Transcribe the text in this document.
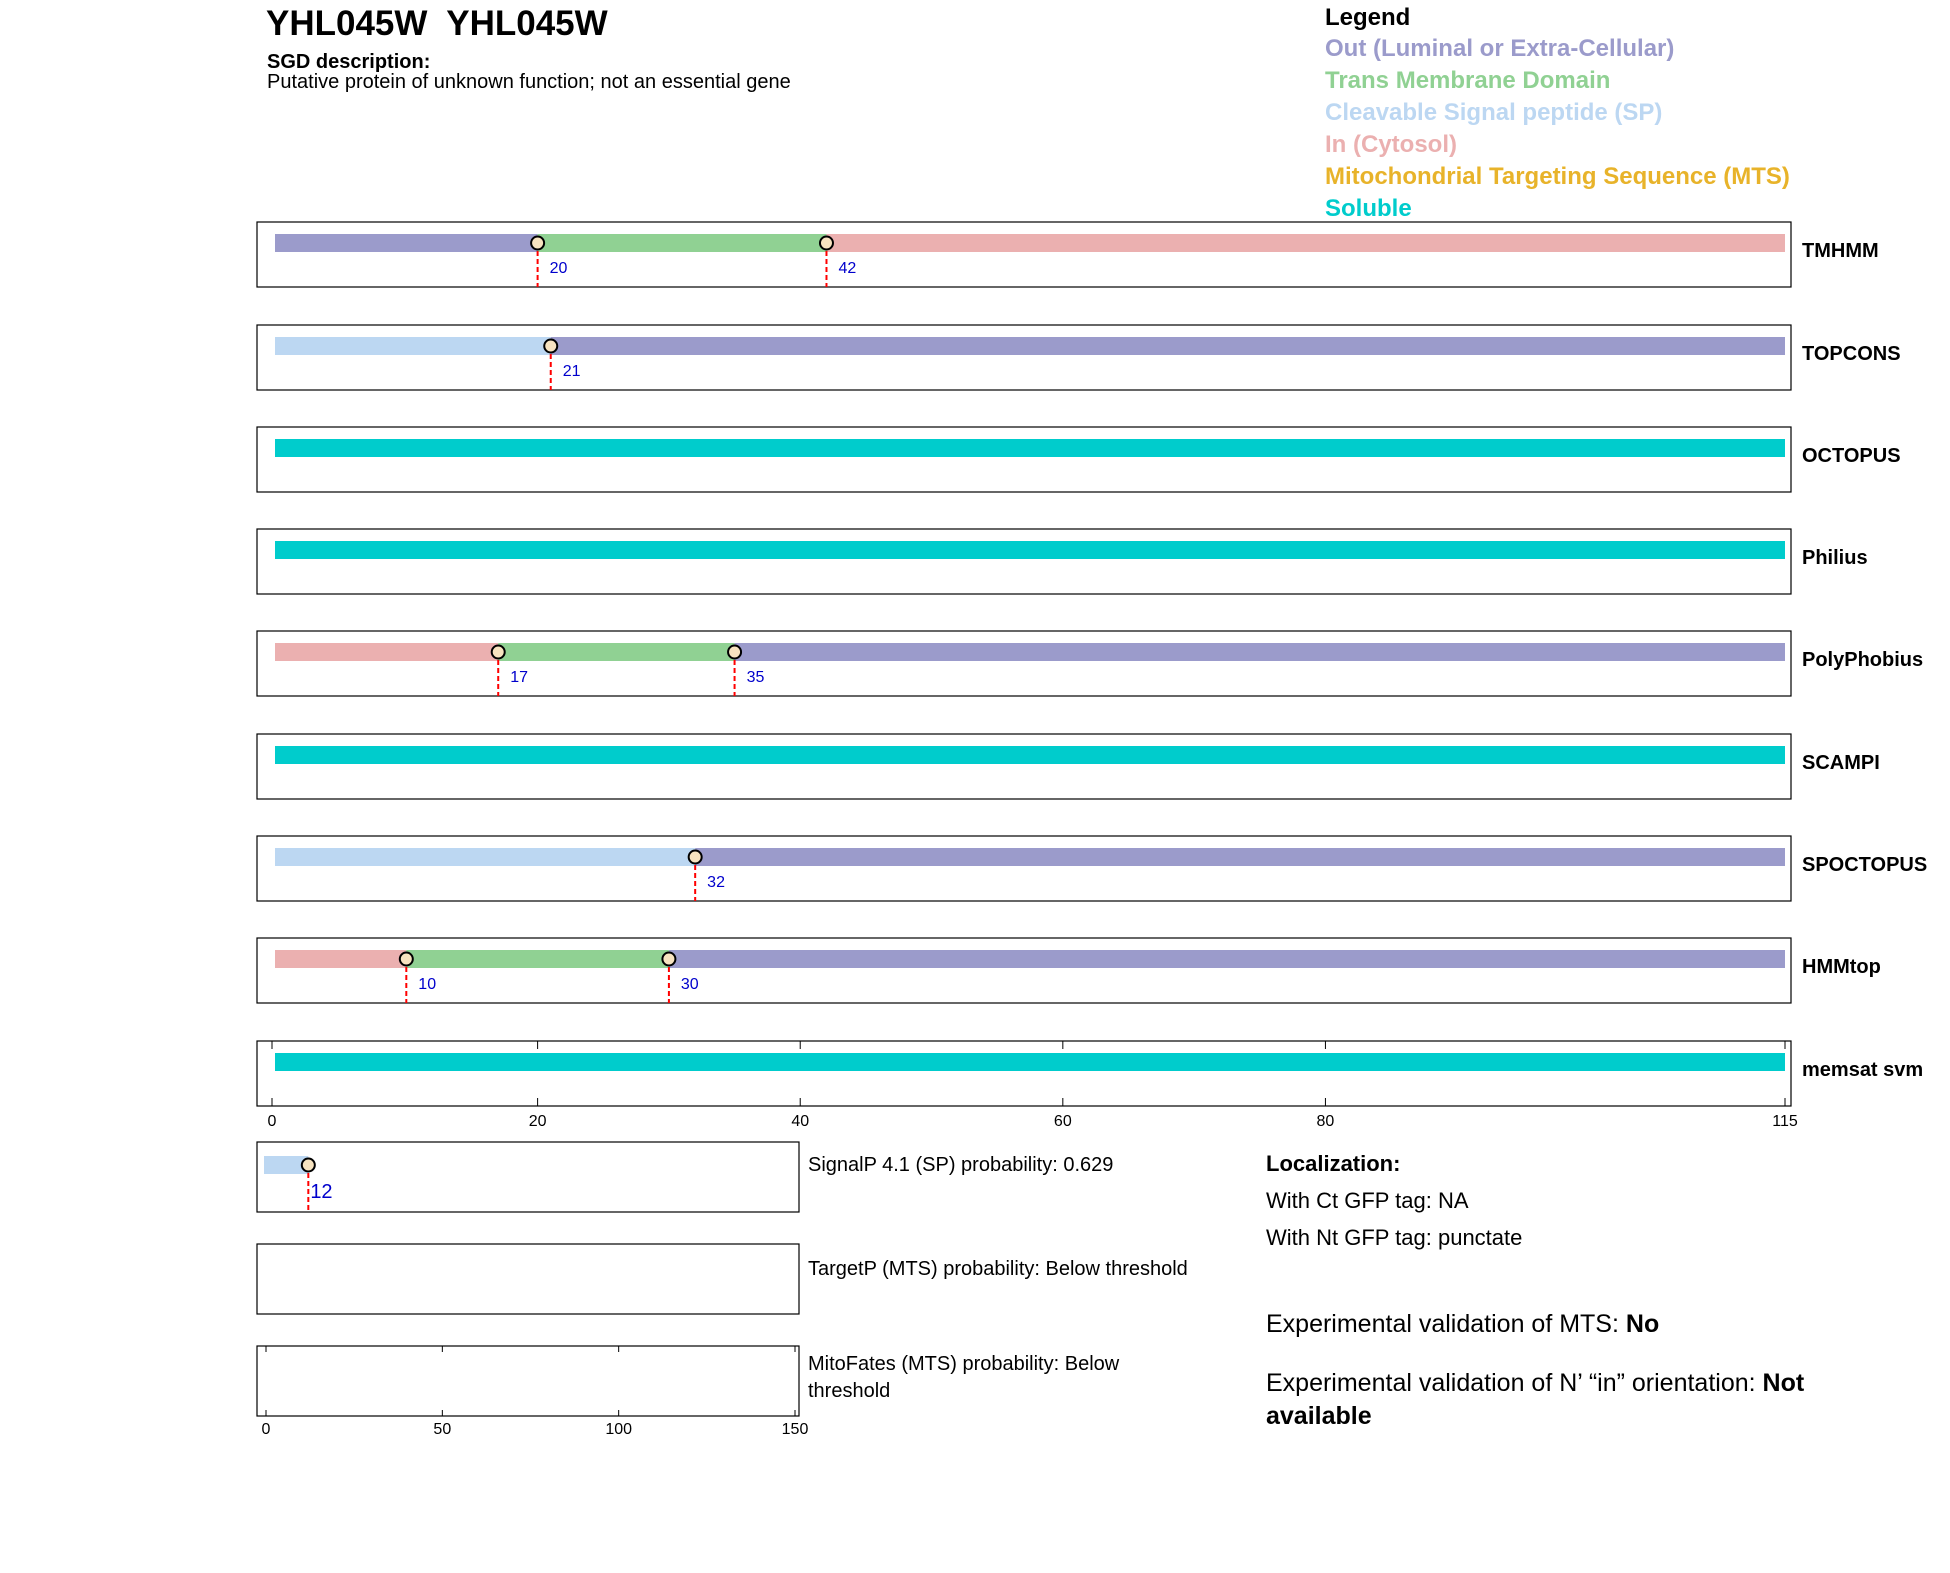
YHL045W  YHL045W
SGD description:
Putative protein of unknown function; not an essential gene
Legend
Out (Luminal or Extra-Cellular)
Trans Membrane Domain
Cleavable Signal peptide (SP)
In (Cytosol)
Mitochondrial Targeting Sequence (MTS)
Soluble
20	42
TMHMM
21
TOPCONS
OCTOPUS
Philius
17	35
PolyPhobius
SCAMPI
32
SPOCTOPUS
10	30
HMMtop
memsat svm
0	20	40	60	80	115
12
0	50	100	150
SignalP 4.1 (SP) probability: 0.629
TargetP (MTS) probability: Below threshold
MitoFates (MTS) probability: Below threshold
Localization:
With Ct GFP tag: NA
With Nt GFP tag: punctate
Experimental validation of MTS: No
Experimental validation of N’ “in” orientation: Not available
